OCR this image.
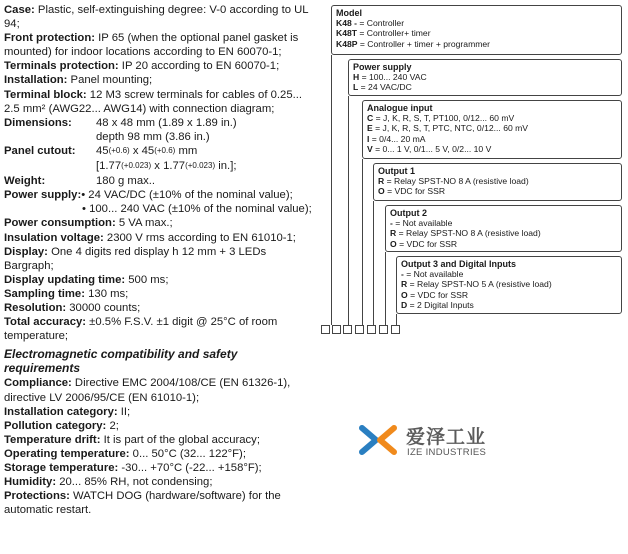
Case: Plastic, self-extinguishing degree: V-0 according to UL 94;

Front protection: IP 65 (when the optional panel gasket is mounted) for indoor locations according to EN 60070-1;

Terminals protection: IP 20 according to EN 60070-1;

Installation: Panel mounting;

Terminal block: 12 M3 screw terminals for cables of 0.25... 2.5 mm² (AWG22... AWG14) with connection diagram;

Dimensions:	48 x 48 mm (1.89 x 1.89 in.)
depth 98 mm (3.86 in.)
Panel cutout:	$45_{(+0.6)}$ x $45_{(+0.6)}$ mm
[$1.77_{(+0.023)}$ x $1.77_{(+0.023)}$ in.];
Weight:	180 g max..

Power supply:• 24 VAC/DC (±10% of the nominal value);

• 100... 240 VAC (±10% of the nominal value);

Power consumption: 5 VA max.;

Insulation voltage: 2300 V rms according to EN 61010-1;

Display: One 4 digits red display h 12 mm + 3 LEDs Bargraph;

Display updating time: 500 ms;

Sampling time: 130 ms;

Resolution: 30000 counts;

Total accuracy: ±0.5% F.S.V. ±1 digit @ 25°C of room temperature;

Electromagnetic compatibility and safety requirements

Compliance: Directive EMC 2004/108/CE (EN 61326-1), directive LV 2006/95/CE (EN 61010-1);

Installation category: II;

Pollution category: 2;

Temperature drift: It is part of the global accuracy;

Operating temperature: 0... 50°C (32... 122°F);

Storage temperature: -30... +70°C (-22... +158°F);

Humidity: 20... 85% RH, not condensing;

Protections: WATCH DOG (hardware/software) for the automatic restart.

Model
K48 - = Controller
K48T = Controller+ timer
K48P = Controller + timer + programmer
Power supply
H = 100... 240 VAC
L = 24 VAC/DC
Analogue input
C = J, K, R, S, T, PT100, 0/12... 60 mV
E = J, K, R, S, T, PTC, NTC, 0/12... 60 mV
I = 0/4... 20 mA
V = 0... 1 V, 0/1... 5 V, 0/2... 10 V
Output 1
R = Relay SPST-NO 8 A (resistive load)
O = VDC for SSR
Output 2
- = Not available
R = Relay SPST-NO 8 A (resistive load)
O = VDC for SSR
Output 3 and Digital Inputs
- = Not available
R = Relay SPST-NO 5 A (resistive load)
O = VDC for SSR
D = 2 Digital Inputs
爱泽工业
IZE INDUSTRIES
